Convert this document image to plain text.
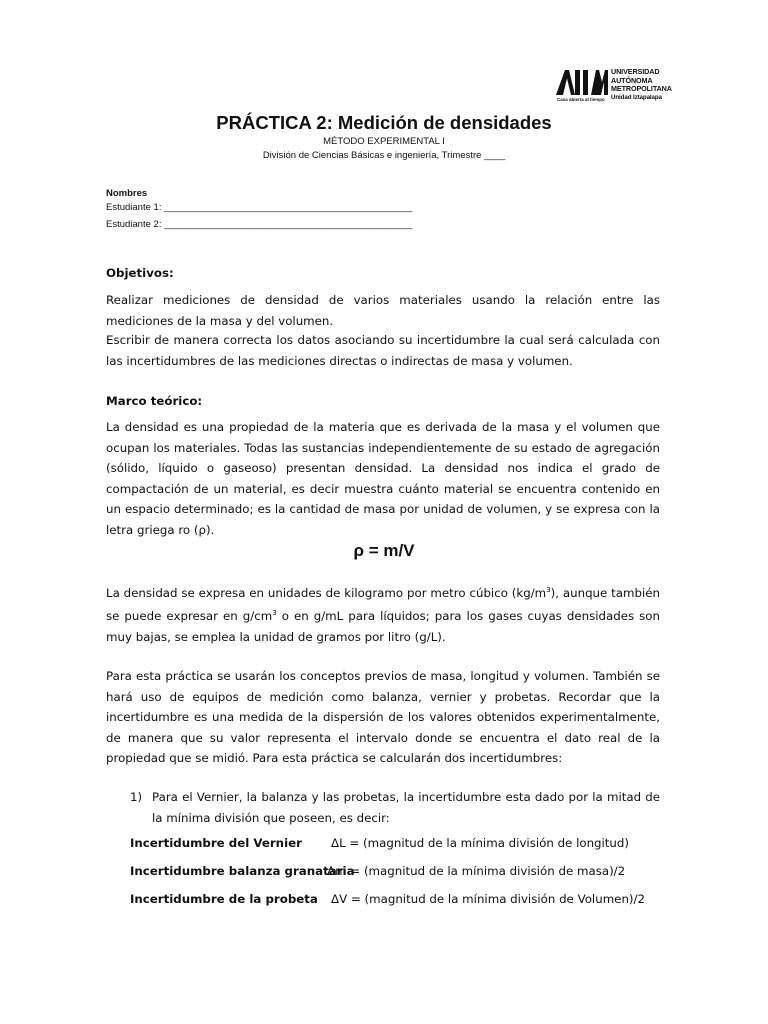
Casa abierta al tiempo
UNIVERSIDAD
AUTÓNOMA
METROPOLITANA
Unidad Iztapalapa
PRÁCTICA 2: Medición de densidades
MÉTODO EXPERIMENTAL I
División de Ciencias Básicas e ingeniería, Trimestre ____
Nombres
Estudiante 1: _______________________________________________
Estudiante 2: _______________________________________________
Objetivos:
Realizar mediciones de densidad de varios materiales usando la relación entre las mediciones de la masa y del volumen.
Escribir de manera correcta los datos asociando su incertidumbre la cual será calculada con las incertidumbres de las mediciones directas o indirectas de masa y volumen.
Marco teórico:
La densidad es una propiedad de la materia que es derivada de la masa y el volumen que ocupan los materiales. Todas las sustancias independientemente de su estado de agregación (sólido, líquido o gaseoso) presentan densidad. La densidad nos indica el grado de compactación de un material, es decir muestra cuánto material se encuentra contenido en un espacio determinado; es la cantidad de masa por unidad de volumen, y se expresa con la letra griega ro (ρ).
ρ = m/V
La densidad se expresa en unidades de kilogramo por metro cúbico $(kg/m^3)$, aunque también se puede expresar en $g/cm^3$ o en g/mL para líquidos; para los gases cuyas densidades son muy bajas, se emplea la unidad de gramos por litro (g/L).
Para esta práctica se usarán los conceptos previos de masa, longitud y volumen. También se hará uso de equipos de medición como balanza, vernier y probetas. Recordar que la incertidumbre es una medida de la dispersión de los valores obtenidos experimentalmente, de manera que su valor representa el intervalo donde se encuentra el dato real de la propiedad que se midió. Para esta práctica se calcularán dos incertidumbres:
1) Para el Vernier, la balanza y las probetas, la incertidumbre esta dado por la mitad de la mínima división que poseen, es decir:
Incertidumbre del Vernier ΔL = (magnitud de la mínima división de longitud)
Incertidumbre balanza granataria
Δm = (magnitud de la mínima división de masa)/2
Incertidumbre de la probeta ΔV = (magnitud de la mínima división de Volumen)/2
